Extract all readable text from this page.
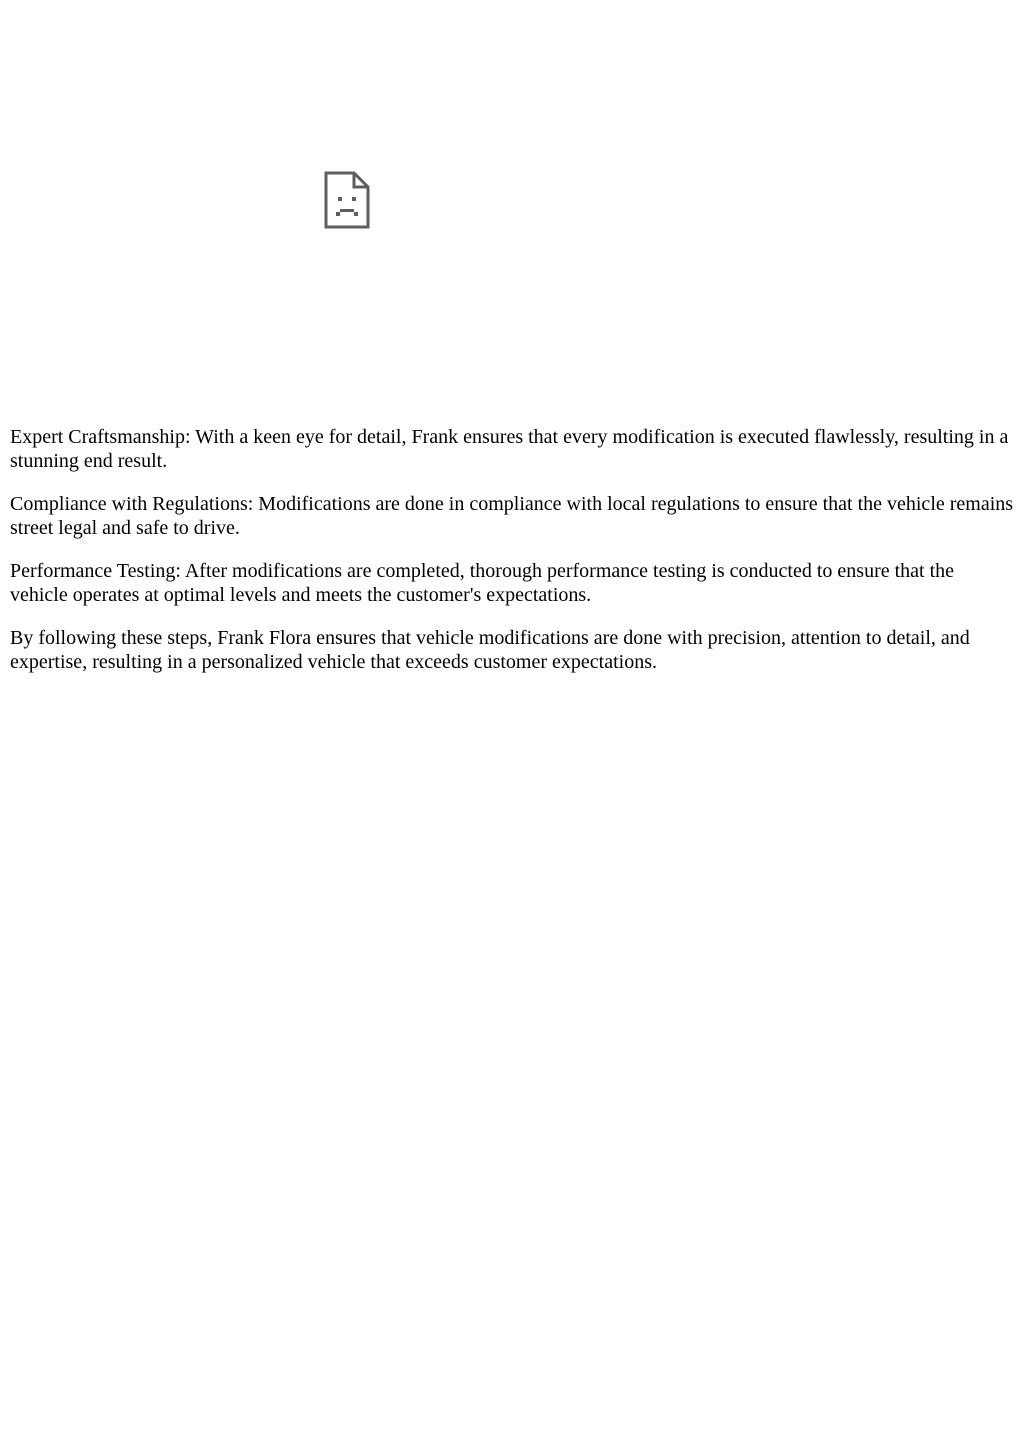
Expert Craftsmanship: With a keen eye for detail, Frank ensures that every modification is executed flawlessly, resulting in a stunning end result.

Compliance with Regulations: Modifications are done in compliance with local regulations to ensure that the vehicle remains street legal and safe to drive.

Performance Testing: After modifications are completed, thorough performance testing is conducted to ensure that the vehicle operates at optimal levels and meets the customer's expectations.

By following these steps, Frank Flora ensures that vehicle modifications are done with precision, attention to detail, and expertise, resulting in a personalized vehicle that exceeds customer expectations.
